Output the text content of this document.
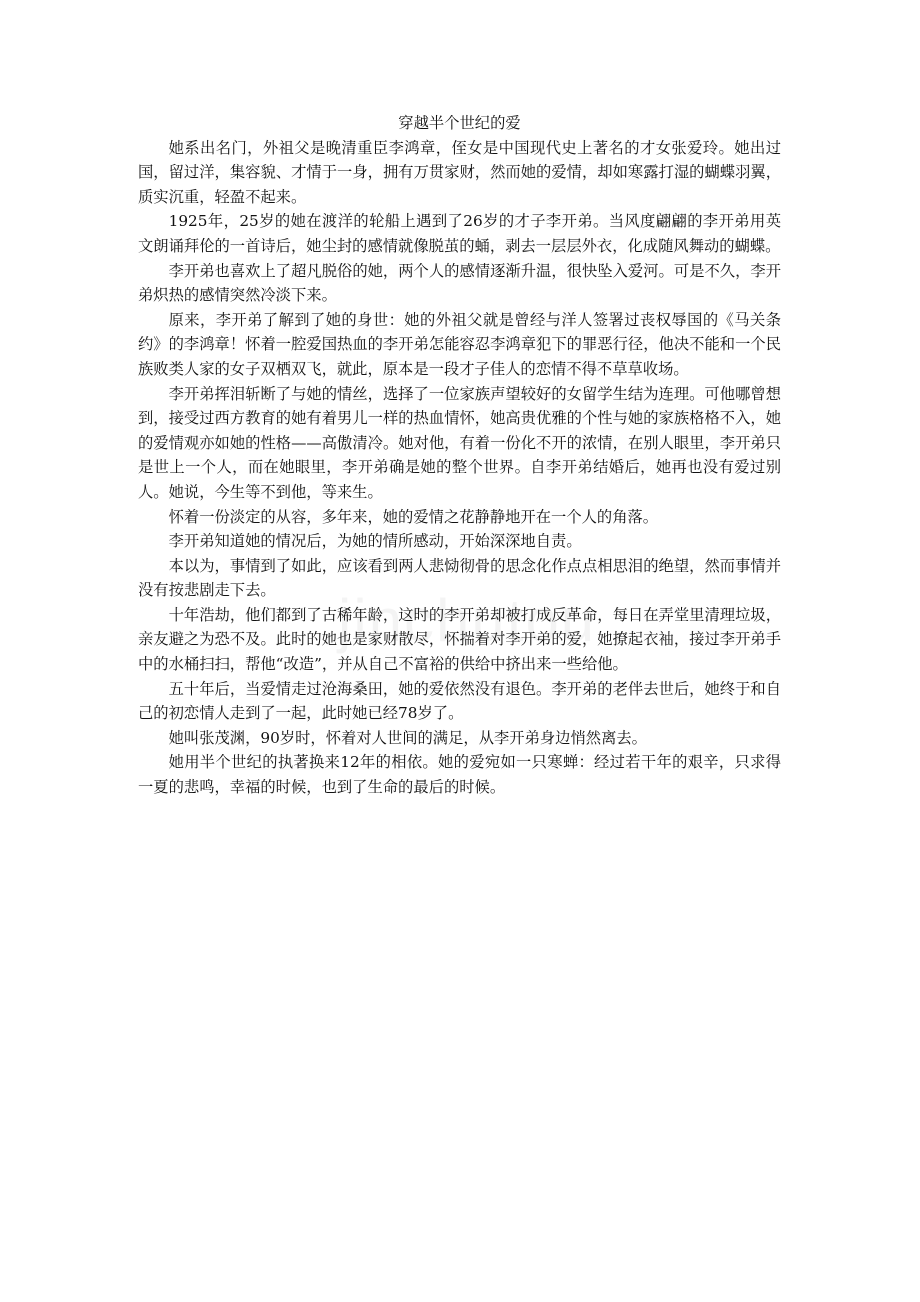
穿越半个世纪的爱

她系出名门，外祖父是晚清重臣李鸿章，侄女是中国现代史上著名的才女张爱玲。她出过国，留过洋，集容貌、才情于一身，拥有万贯家财，然而她的爱情，却如寒露打湿的蝴蝶羽翼，质实沉重，轻盈不起来。

1925年，25岁的她在渡洋的轮船上遇到了26岁的才子李开弟。当风度翩翩的李开弟用英文朗诵拜伦的一首诗后，她尘封的感情就像脱茧的蛹，剥去一层层外衣，化成随风舞动的蝴蝶。

李开弟也喜欢上了超凡脱俗的她，两个人的感情逐渐升温，很快坠入爱河。可是不久，李开弟炽热的感情突然冷淡下来。

原来，李开弟了解到了她的身世：她的外祖父就是曾经与洋人签署过丧权辱国的《马关条约》的李鸿章！怀着一腔爱国热血的李开弟怎能容忍李鸿章犯下的罪恶行径，他决不能和一个民族败类人家的女子双栖双飞，就此，原本是一段才子佳人的恋情不得不草草收场。

李开弟挥泪斩断了与她的情丝，选择了一位家族声望较好的女留学生结为连理。可他哪曾想到，接受过西方教育的她有着男儿一样的热血情怀，她高贵优雅的个性与她的家族格格不入，她的爱情观亦如她的性格——高傲清冷。她对他，有着一份化不开的浓情，在别人眼里，李开弟只是世上一个人，而在她眼里，李开弟确是她的整个世界。自李开弟结婚后，她再也没有爱过别人。她说，今生等不到他，等来生。

怀着一份淡定的从容，多年来，她的爱情之花静静地开在一个人的角落。

李开弟知道她的情况后，为她的情所感动，开始深深地自责。

本以为，事情到了如此，应该看到两人悲恸彻骨的思念化作点点相思泪的绝望，然而事情并没有按悲剧走下去。

十年浩劫，他们都到了古稀年龄，这时的李开弟却被打成反革命，每日在弄堂里清理垃圾，亲友避之为恐不及。此时的她也是家财散尽，怀揣着对李开弟的爱，她撩起衣袖，接过李开弟手中的水桶扫扫，帮他“改造”，并从自己不富裕的供给中挤出来一些给他。

五十年后，当爱情走过沧海桑田，她的爱依然没有退色。李开弟的老伴去世后，她终于和自己的初恋情人走到了一起，此时她已经78岁了。

她叫张茂渊，90岁时，怀着对人世间的满足，从李开弟身边悄然离去。

她用半个世纪的执著换来12年的相依。她的爱宛如一只寒蝉：经过若干年的艰辛，只求得一夏的悲鸣，幸福的时候，也到了生命的最后的时候。
